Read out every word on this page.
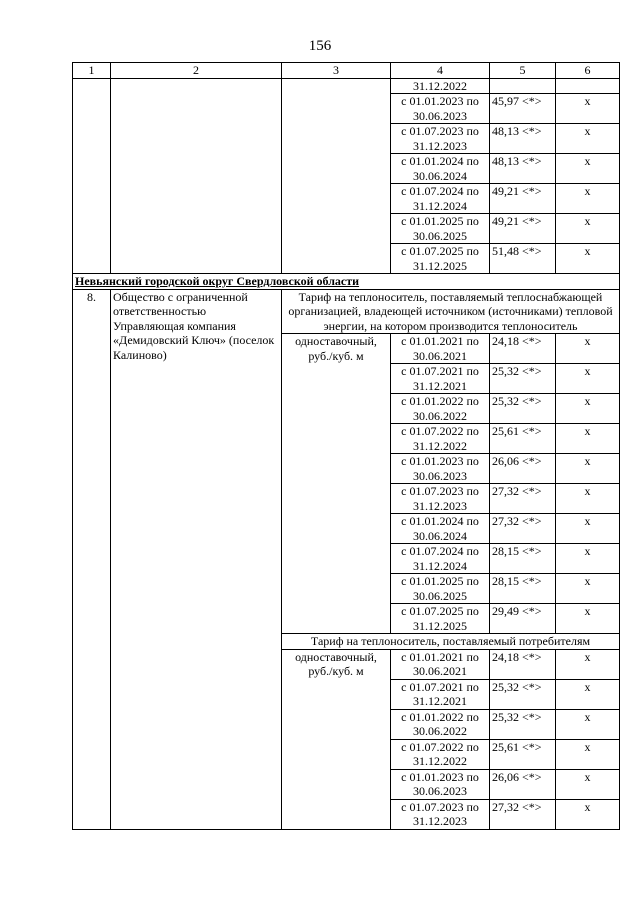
156
1	2	3	4	5	6
			31.12.2022		
			с 01.01.2023 по 30.06.2023	45,97 <*>	x
			с 01.07.2023 по 31.12.2023	48,13 <*>	x
			с 01.01.2024 по 30.06.2024	48,13 <*>	x
			с 01.07.2024 по 31.12.2024	49,21 <*>	x
			с 01.01.2025 по 30.06.2025	49,21 <*>	x
			с 01.07.2025 по 31.12.2025	51,48 <*>	x
Невьянский городской округ Свердловской области					
8.	Общество с ограниченной ответственностью Управляющая компания «Демидовский Ключ» (поселок Калиново)	Тариф на теплоноситель, поставляемый теплоснабжающей организацией, владеющей источником (источниками) тепловой энергии, на котором производится теплоноситель			
		одноставочный, руб./куб. м	с 01.01.2021 по 30.06.2021	24,18 <*>	x
			с 01.07.2021 по 31.12.2021	25,32 <*>	x
			с 01.01.2022 по 30.06.2022	25,32 <*>	x
			с 01.07.2022 по 31.12.2022	25,61 <*>	x
			с 01.01.2023 по 30.06.2023	26,06 <*>	x
			с 01.07.2023 по 31.12.2023	27,32 <*>	x
			с 01.01.2024 по 30.06.2024	27,32 <*>	x
			с 01.07.2024 по 31.12.2024	28,15 <*>	x
			с 01.01.2025 по 30.06.2025	28,15 <*>	x
			с 01.07.2025 по 31.12.2025	29,49 <*>	x
		Тариф на теплоноситель, поставляемый потребителям			
		одноставочный, руб./куб. м	с 01.01.2021 по 30.06.2021	24,18 <*>	x
			с 01.07.2021 по 31.12.2021	25,32 <*>	x
			с 01.01.2022 по 30.06.2022	25,32 <*>	x
			с 01.07.2022 по 31.12.2022	25,61 <*>	x
			с 01.01.2023 по 30.06.2023	26,06 <*>	x
			с 01.07.2023 по 31.12.2023	27,32 <*>	x
